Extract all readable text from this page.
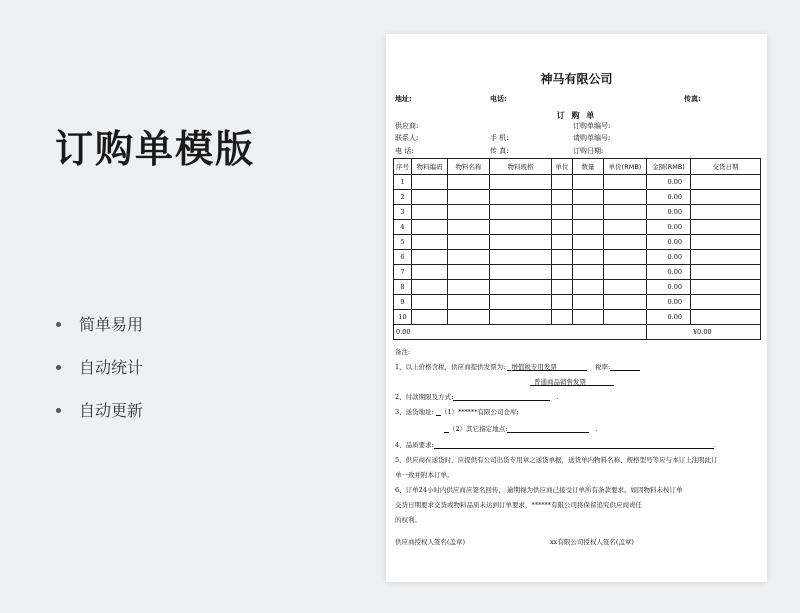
订购单模版
简单易用
自动统计
自动更新
神马有限公司
地址:	电话:	传真:
订 购 单
供应商:	订购单编号:
联系人:	手 机:	请购单编号:
电 话:	传 真:	订购日期:
序号	物料编码	物料名称	物料规格	单位	数量	单价(RMB)	金额(RMB)	交货日期
1							0.00	
2							0.00	
3							0.00	
4							0.00	
5							0.00	
6							0.00	
7							0.00	
8							0.00	
9							0.00	
10							0.00	
0.00							¥0.00	
备注:
1、以上价格含税，供应商提供发票为: 增值税专用发票	税率:
普通商品销售发票
2、付款期限及方式:	.
3、送货地址: （1）******有限公司仓库;
（2）其它指定地点:	.
4、品质要求:	.
5、供应商在送货时，应提供有公司出货专用章之送货单据，送货单内物料名称、规格型号等应与本订上注明此订
单一致并附本订单。
6、订单24小时内供应商应签名回传， 逾期视为供应商已接受订单所有条款要求。如因物料未按订单
交货日期要求交货或物料品质未达到订单要求，******有限公司将保留追究供应商责任
的权利。
供应商授权人签名(盖章)	xx有限公司授权人签名(盖章)
